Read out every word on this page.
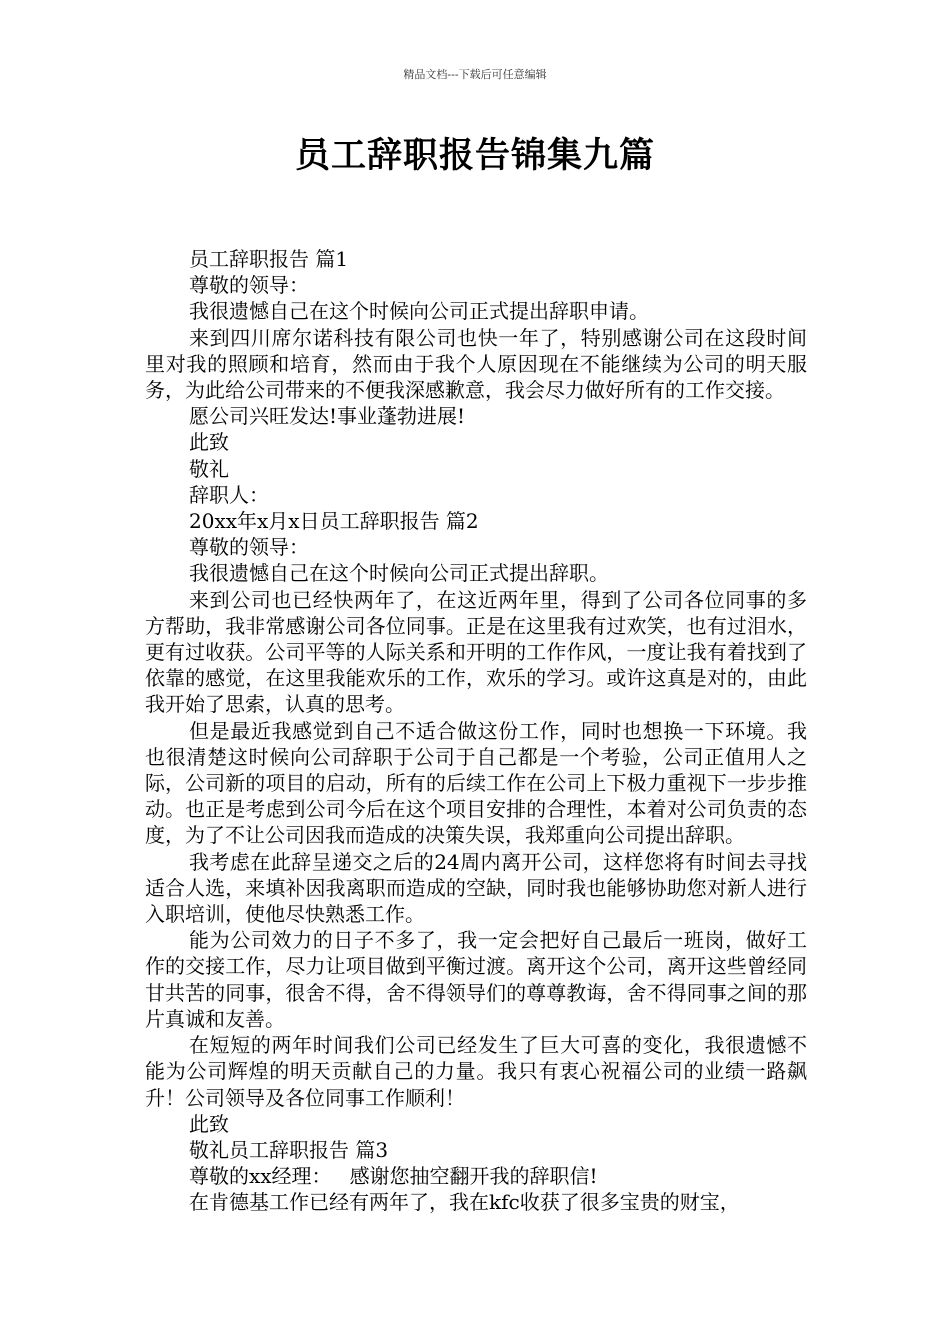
精品文档---下载后可任意编辑
员工辞职报告锦集九篇

员工辞职报告 篇1

尊敬的领导：

我很遗憾自己在这个时候向公司正式提出辞职申请。

来到四川席尔诺科技有限公司也快一年了，特别感谢公司在这段时间里对我的照顾和培育，然而由于我个人原因现在不能继续为公司的明天服务，为此给公司带来的不便我深感歉意，我会尽力做好所有的工作交接。

愿公司兴旺发达!事业蓬勃进展!

此致

敬礼

辞职人：

20xx年x月x日员工辞职报告 篇2

尊敬的领导：

我很遗憾自己在这个时候向公司正式提出辞职。

来到公司也已经快两年了，在这近两年里，得到了公司各位同事的多方帮助，我非常感谢公司各位同事。正是在这里我有过欢笑，也有过泪水，更有过收获。公司平等的人际关系和开明的工作作风，一度让我有着找到了依靠的感觉，在这里我能欢乐的工作，欢乐的学习。或许这真是对的，由此我开始了思索，认真的思考。

但是最近我感觉到自己不适合做这份工作，同时也想换一下环境。我也很清楚这时候向公司辞职于公司于自己都是一个考验，公司正值用人之际，公司新的项目的启动，所有的后续工作在公司上下极力重视下一步步推动。也正是考虑到公司今后在这个项目安排的合理性，本着对公司负责的态度，为了不让公司因我而造成的决策失误，我郑重向公司提出辞职。

我考虑在此辞呈递交之后的24周内离开公司，这样您将有时间去寻找适合人选，来填补因我离职而造成的空缺，同时我也能够协助您对新人进行入职培训，使他尽快熟悉工作。

能为公司效力的日子不多了，我一定会把好自己最后一班岗，做好工作的交接工作，尽力让项目做到平衡过渡。离开这个公司，离开这些曾经同甘共苦的同事，很舍不得，舍不得领导们的尊尊教诲，舍不得同事之间的那片真诚和友善。

在短短的两年时间我们公司已经发生了巨大可喜的变化，我很遗憾不能为公司辉煌的明天贡献自己的力量。我只有衷心祝福公司的业绩一路飙升！公司领导及各位同事工作顺利！

此致

敬礼员工辞职报告 篇3

尊敬的xx经理： 感谢您抽空翻开我的辞职信!

在肯德基工作已经有两年了，我在kfc收获了很多宝贵的财宝，
